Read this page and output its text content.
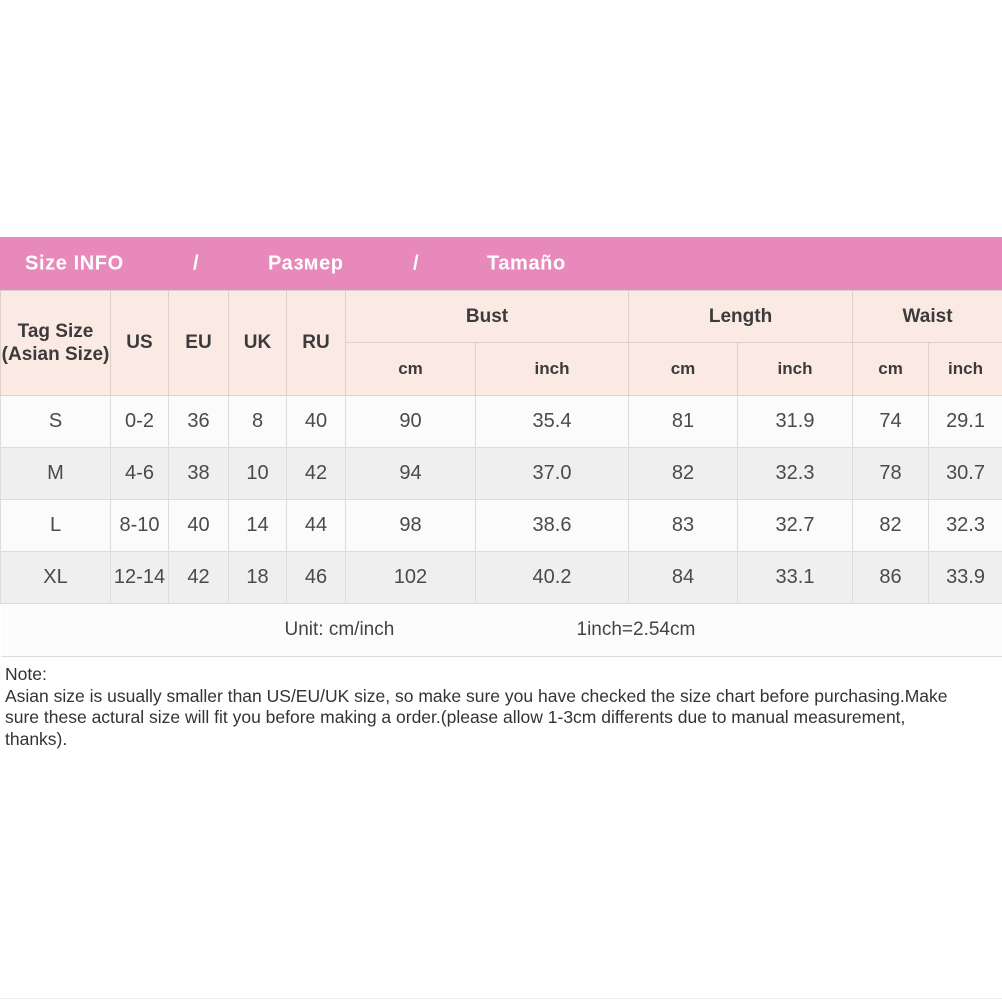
Size INFO	/	Размер	/	Tamaño
Tag Size
(Asian Size)	US	EU	UK	RU	Bust		Length		Waist	
					cm	inch	cm	inch	cm	inch
S	0-2	36	8	40	90	35.4	81	31.9	74	29.1
M	4-6	38	10	42	94	37.0	82	32.3	78	30.7
L	8-10	40	14	44	98	38.6	83	32.7	82	32.3
XL	12-14	42	18	46	102	40.2	84	33.1	86	33.9

Unit: cm/inch 1inch=2.54cm										
Note:
Asian size is usually smaller than US/EU/UK size, so make sure you have checked the size chart before purchasing.Make
sure these actural size will fit you before making a order.(please allow 1-3cm differents due to manual measurement,
thanks).
